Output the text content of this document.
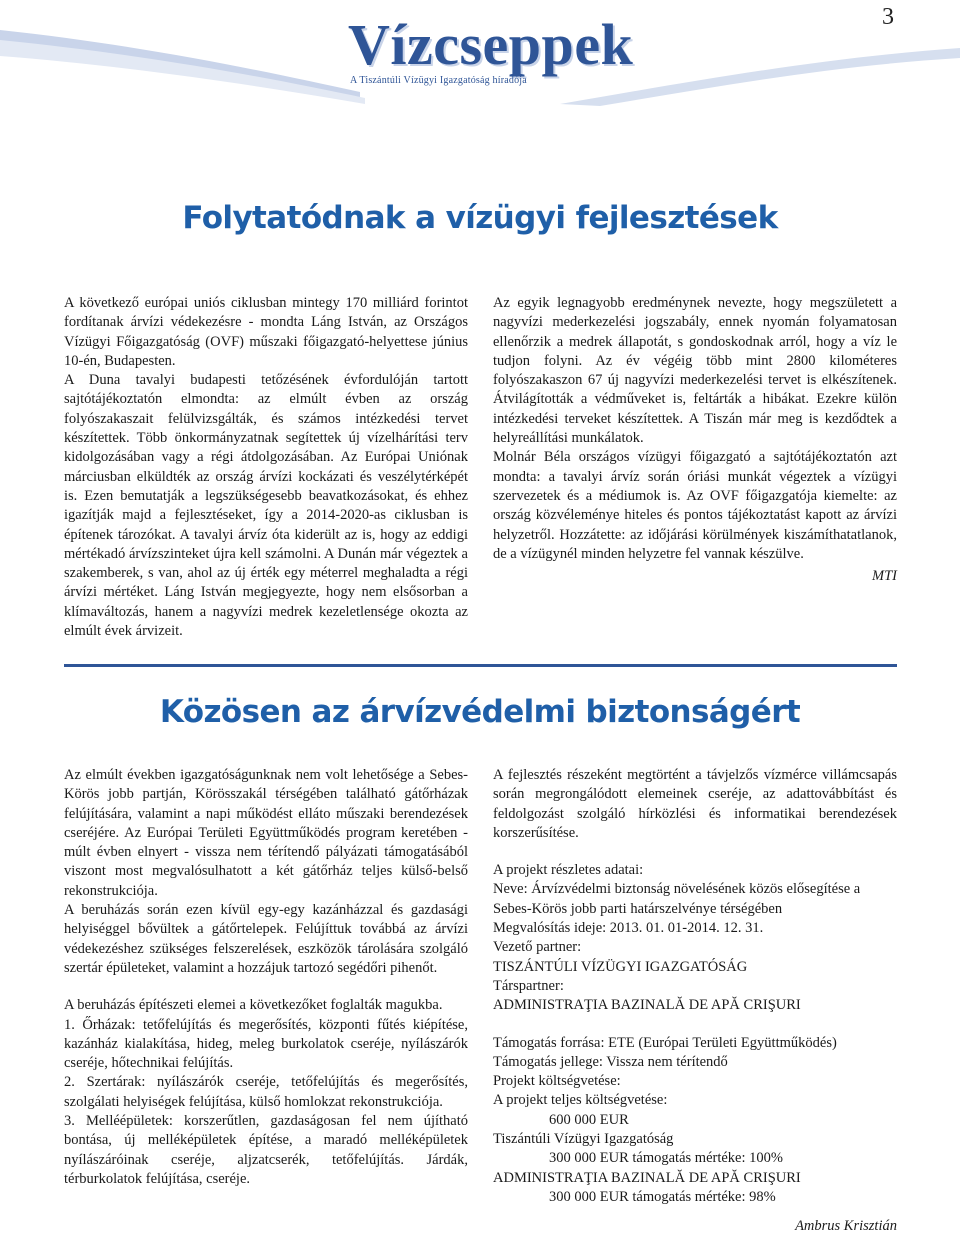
3
Vízcseppek
A Tiszántúli Vízügyi Igazgatóság híradója
Folytatódnak a vízügyi fejlesztések

A következő európai uniós ciklusban mintegy 170 milliárd forintot fordítanak árvízi védekezésre - mondta Láng István, az Országos Vízügyi Főigazgatóság (OVF) műszaki főigazgató-helyettese június 10-én, Budapesten.

A Duna tavalyi budapesti tetőzésének évfordulóján tartott sajtótájékoztatón elmondta: az elmúlt évben az ország folyószakaszait felülvizsgálták, és számos intézkedési tervet készítettek. Több önkormányzatnak segítettek új vízelhárítási terv kidolgozásában vagy a régi átdolgozásában. Az Európai Uniónak márciusban elküldték az ország árvízi kockázati és veszélytérképét is. Ezen bemutatják a legszükségesebb beavatkozásokat, és ehhez igazítják majd a fejlesztéseket, így a 2014-2020-as ciklusban is építenek tározókat. A tavalyi árvíz óta kiderült az is, hogy az eddigi mértékadó árvízszinteket újra kell számolni. A Dunán már végeztek a szakemberek, s van, ahol az új érték egy méterrel meghaladta a régi árvízi mértéket. Láng István megjegyezte, hogy nem elsősorban a klímaváltozás, hanem a nagyvízi medrek kezeletlensége okozta az elmúlt évek árvizeit.

Az egyik legnagyobb eredménynek nevezte, hogy megszületett a nagyvízi mederkezelési jogszabály, ennek nyomán folyamatosan ellenőrzik a medrek állapotát, s gondoskodnak arról, hogy a víz le tudjon folyni. Az év végéig több mint 2800 kilométeres folyószakaszon 67 új nagyvízi mederkezelési tervet is elkészítenek. Átvilágították a védműveket is, feltárták a hibákat. Ezekre külön intézkedési terveket készítettek. A Tiszán már meg is kezdődtek a helyreállítási munkálatok.

Molnár Béla országos vízügyi főigazgató a sajtótájékoztatón azt mondta: a tavalyi árvíz során óriási munkát végeztek a vízügyi szervezetek és a médiumok is. Az OVF főigazgatója kiemelte: az ország közvéleménye hiteles és pontos tájékoztatást kapott az árvízi helyzetről. Hozzátette: az időjárási körülmények kiszámíthatatlanok, de a vízügynél minden helyzetre fel vannak készülve.

MTI

Közösen az árvízvédelmi biztonságért

Az elmúlt években igazgatóságunknak nem volt lehetősége a Sebes-Körös jobb partján, Körösszakál térségében található gátőrházak felújítására, valamint a napi működést elláto műszaki berendezések cseréjére. Az Európai Területi Együttműködés program keretében - múlt évben elnyert - vissza nem térítendő pályázati támogatásából viszont most megvalósulhatott a két gátőrház teljes külső-belső rekonstrukciója.

A beruházás során ezen kívül egy-egy kazánházzal és gazdasági helyiséggel bővültek a gátőrtelepek. Felújíttuk továbbá az árvízi védekezéshez szükséges felszerelések, eszközök tárolására szolgáló szertár épületeket, valamint a hozzájuk tartozó segédőri pihenőt.

A beruházás építészeti elemei a következőket foglalták magukba.

1. Őrházak: tetőfelújítás és megerősítés, központi fűtés kiépítése, kazánház kialakítása, hideg, meleg burkolatok cseréje, nyílászárók cseréje, hőtechnikai felújítás.

2. Szertárak: nyílászárók cseréje, tetőfelújítás és megerősítés, szolgálati helyiségek felújítása, külső homlokzat rekonstrukciója.

3. Melléépületek: korszerűtlen, gazdaságosan fel nem újítható bontása, új melléképületek építése, a maradó melléképületek nyílászáróinak cseréje, aljzatcserék, tetőfelújítás. Járdák, térburkolatok felújítása, cseréje.

A fejlesztés részeként megtörtént a távjelzős vízmérce villámcsapás során megrongálódott elemeinek cseréje, az adattovábbítást és feldolgozást szolgáló hírközlési és informatikai berendezések korszerűsítése.

A projekt részletes adatai:

Neve: Árvízvédelmi biztonság növelésének közös elősegítése a Sebes-Körös jobb parti határszelvénye térségében

Megvalósítás ideje: 2013. 01. 01-2014. 12. 31.

Vezető partner:

TISZÁNTÚLI VÍZÜGYI IGAZGATÓSÁG

Társpartner:

ADMINISTRAŢIA BAZINALĂ DE APĂ CRIŞURI

Támogatás forrása: ETE (Európai Területi Együttműködés)

Támogatás jellege: Vissza nem térítendő

Projekt költségvetése:

A projekt teljes költségvetése:

600 000 EUR

Tiszántúli Vízügyi Igazgatóság

300 000 EUR támogatás mértéke: 100%

ADMINISTRAŢIA BAZINALĂ DE APĂ CRIŞURI

300 000 EUR támogatás mértéke: 98%

Ambrus Krisztián
